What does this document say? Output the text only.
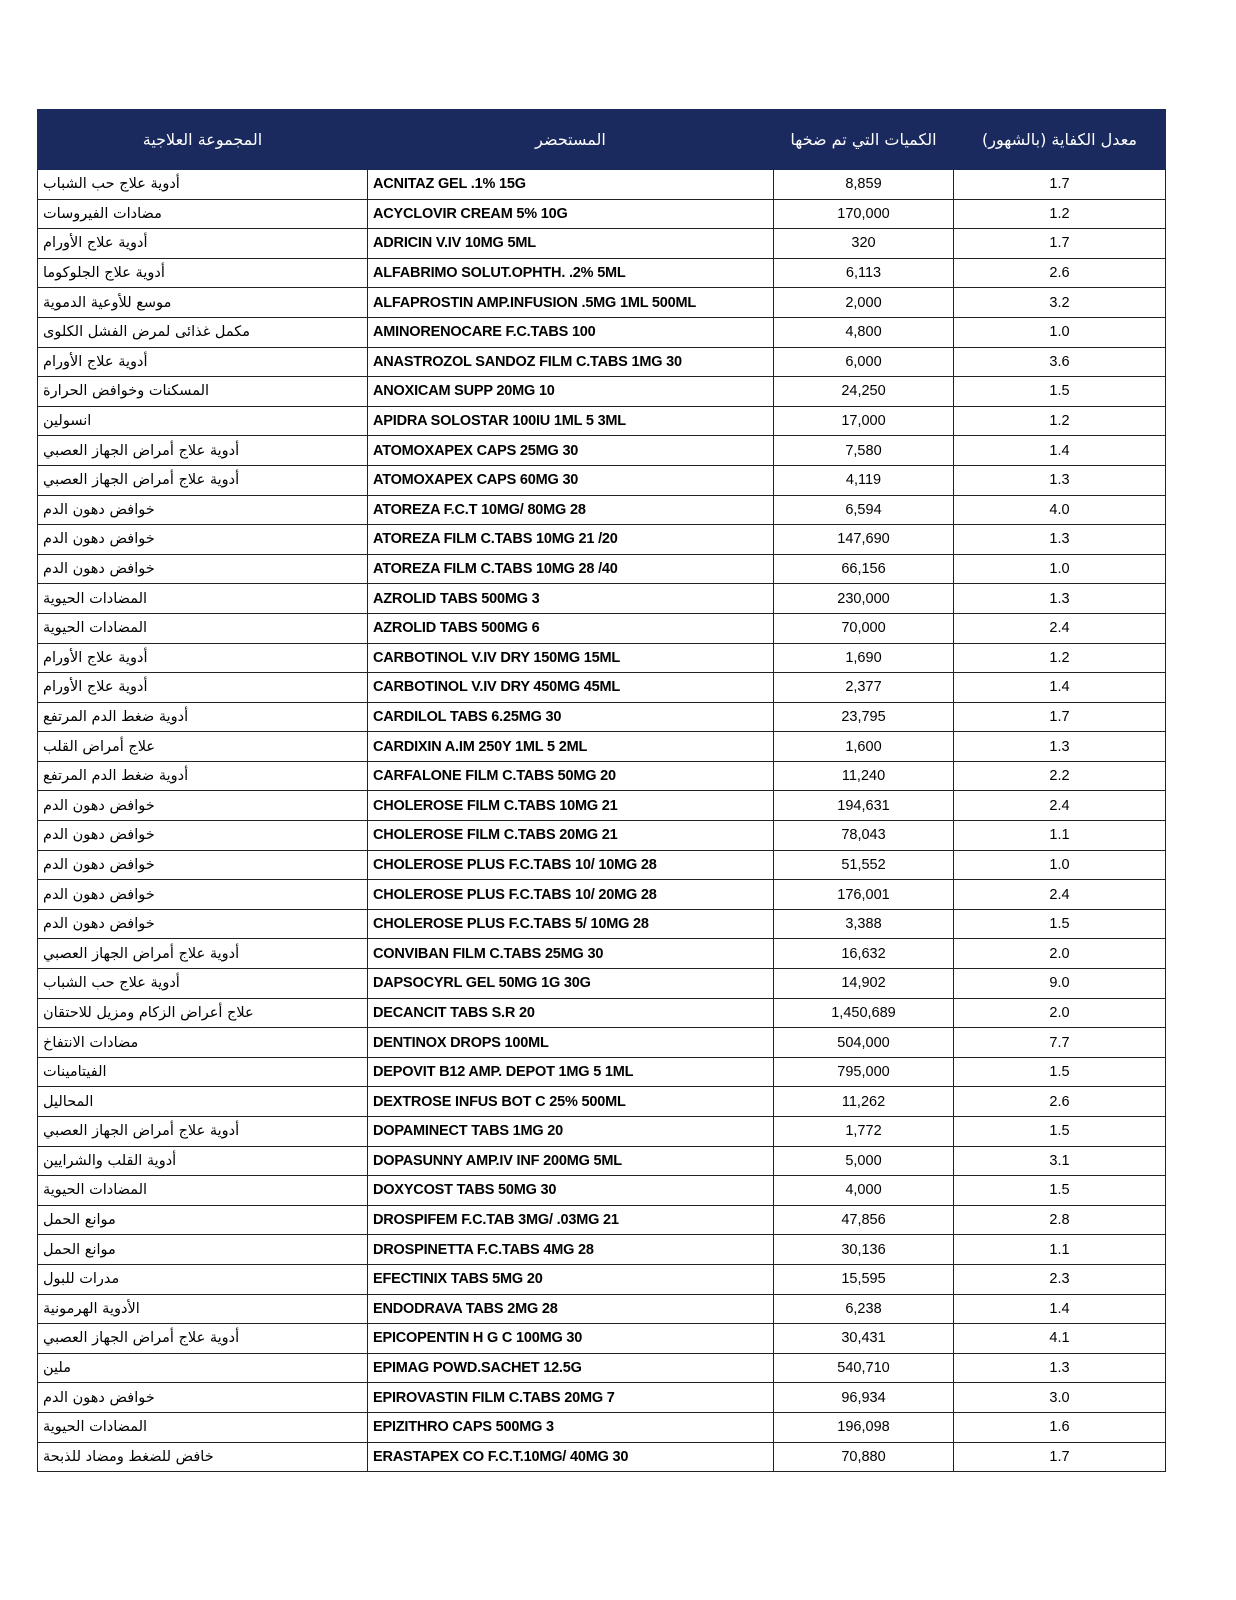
المجموعة العلاجية	المستحضر	الكميات التي تم ضخها	معدل الكفاية (بالشهور)
أدوية علاج حب الشباب	ACNITAZ GEL .1% 15G	8,859	1.7
مضادات الفيروسات	ACYCLOVIR CREAM 5% 10G	170,000	1.2
أدوية علاج الأورام	ADRICIN V.IV 10MG 5ML	320	1.7
أدوية علاج الجلوكوما	ALFABRIMO SOLUT.OPHTH. .2% 5ML	6,113	2.6
موسع للأوعية الدموية	ALFAPROSTIN AMP.INFUSION .5MG 1ML 500ML	2,000	3.2
مكمل غذائى لمرض الفشل الكلوى	AMINORENOCARE F.C.TABS 100	4,800	1.0
أدوية علاج الأورام	ANASTROZOL SANDOZ FILM C.TABS 1MG 30	6,000	3.6
المسكنات وخوافض الحرارة	ANOXICAM SUPP 20MG 10	24,250	1.5
انسولين	APIDRA SOLOSTAR 100IU 1ML 5 3ML	17,000	1.2
أدوية علاج أمراض الجهاز العصبي	ATOMOXAPEX CAPS 25MG 30	7,580	1.4
أدوية علاج أمراض الجهاز العصبي	ATOMOXAPEX CAPS 60MG 30	4,119	1.3
خوافض دهون الدم	ATOREZA F.C.T 10MG/ 80MG 28	6,594	4.0
خوافض دهون الدم	ATOREZA FILM C.TABS 10MG 21 /20	147,690	1.3
خوافض دهون الدم	ATOREZA FILM C.TABS 10MG 28 /40	66,156	1.0
المضادات الحيوية	AZROLID TABS 500MG 3	230,000	1.3
المضادات الحيوية	AZROLID TABS 500MG 6	70,000	2.4
أدوية علاج الأورام	CARBOTINOL V.IV DRY 150MG 15ML	1,690	1.2
أدوية علاج الأورام	CARBOTINOL V.IV DRY 450MG 45ML	2,377	1.4
أدوية ضغط الدم المرتفع	CARDILOL TABS 6.25MG 30	23,795	1.7
علاج أمراض القلب	CARDIXIN A.IM 250Y 1ML 5 2ML	1,600	1.3
أدوية ضغط الدم المرتفع	CARFALONE FILM C.TABS 50MG 20	11,240	2.2
خوافض دهون الدم	CHOLEROSE FILM C.TABS 10MG 21	194,631	2.4
خوافض دهون الدم	CHOLEROSE FILM C.TABS 20MG 21	78,043	1.1
خوافض دهون الدم	CHOLEROSE PLUS F.C.TABS 10/ 10MG 28	51,552	1.0
خوافض دهون الدم	CHOLEROSE PLUS F.C.TABS 10/ 20MG 28	176,001	2.4
خوافض دهون الدم	CHOLEROSE PLUS F.C.TABS 5/ 10MG 28	3,388	1.5
أدوية علاج أمراض الجهاز العصبي	CONVIBAN FILM C.TABS 25MG 30	16,632	2.0
أدوية علاج حب الشباب	DAPSOCYRL GEL 50MG 1G 30G	14,902	9.0
علاج أعراض الزكام ومزيل للاحتقان	DECANCIT TABS S.R 20	1,450,689	2.0
مضادات الانتفاخ	DENTINOX DROPS 100ML	504,000	7.7
الفيتامينات	DEPOVIT B12 AMP. DEPOT 1MG 5 1ML	795,000	1.5
المحاليل	DEXTROSE INFUS BOT C 25% 500ML	11,262	2.6
أدوية علاج أمراض الجهاز العصبي	DOPAMINECT TABS 1MG 20	1,772	1.5
أدوية القلب والشرايين	DOPASUNNY AMP.IV INF 200MG 5ML	5,000	3.1
المضادات الحيوية	DOXYCOST TABS 50MG 30	4,000	1.5
موانع الحمل	DROSPIFEM F.C.TAB 3MG/ .03MG 21	47,856	2.8
موانع الحمل	DROSPINETTA F.C.TABS 4MG 28	30,136	1.1
مدرات للبول	EFECTINIX TABS 5MG 20	15,595	2.3
الأدوية الهرمونية	ENDODRAVA TABS 2MG 28	6,238	1.4
أدوية علاج أمراض الجهاز العصبي	EPICOPENTIN H G C 100MG 30	30,431	4.1
ملين	EPIMAG POWD.SACHET 12.5G	540,710	1.3
خوافض دهون الدم	EPIROVASTIN FILM C.TABS 20MG 7	96,934	3.0
المضادات الحيوية	EPIZITHRO CAPS 500MG 3	196,098	1.6
خافض للضغط ومضاد للذبحة	ERASTAPEX CO F.C.T.10MG/ 40MG 30	70,880	1.7
